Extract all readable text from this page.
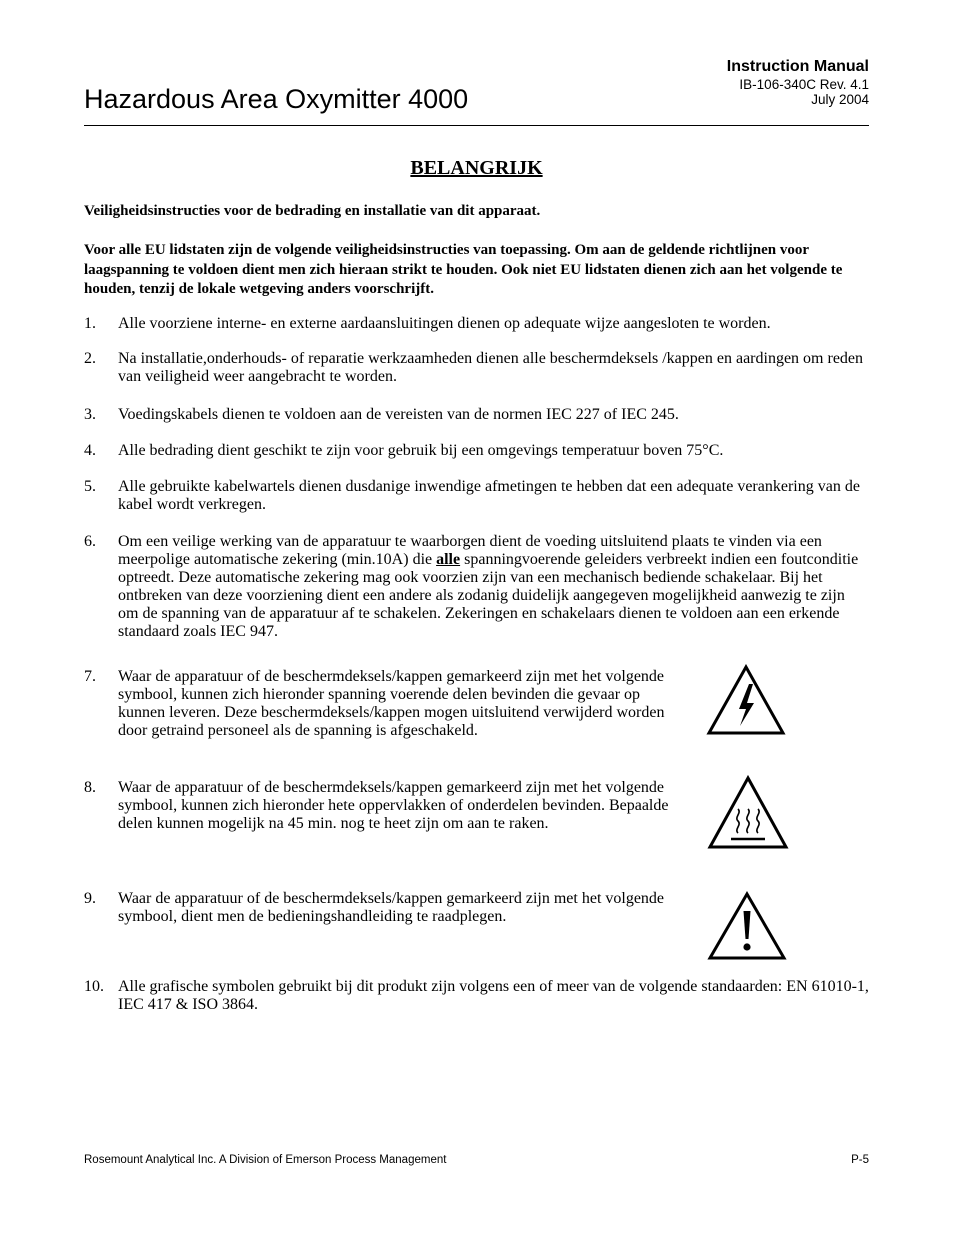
Hazardous Area Oxymitter 4000
Instruction Manual
IB-106-340C Rev. 4.1
July 2004
BELANGRIJK
Veiligheidsinstructies voor de bedrading en installatie van dit apparaat.
Voor alle EU lidstaten zijn de volgende veiligheidsinstructies van toepassing. Om aan de geldende richtlijnen voor laagspanning te voldoen dient men zich hieraan strikt te houden. Ook niet EU lidstaten dienen zich aan het volgende te houden, tenzij de lokale wetgeving anders voorschrijft.
1. Alle voorziene interne- en externe aardaansluitingen dienen op adequate wijze aangesloten te worden.
2. Na installatie,onderhouds- of reparatie werkzaamheden dienen alle beschermdeksels /kappen en aardingen om reden van veiligheid weer aangebracht te worden.
3. Voedingskabels dienen te voldoen aan de vereisten van de normen IEC 227 of IEC 245.
4. Alle bedrading dient geschikt te zijn voor gebruik bij een omgevings temperatuur boven 75°C.
5. Alle gebruikte kabelwartels dienen dusdanige inwendige afmetingen te hebben dat een adequate verankering van de kabel wordt verkregen.
6. Om een veilige werking van de apparatuur te waarborgen dient de voeding uitsluitend plaats te vinden via een meerpolige automatische zekering (min.10A) die alle spanningvoerende geleiders verbreekt indien een foutconditie optreedt. Deze automatische zekering mag ook voorzien zijn van een mechanisch bediende schakelaar. Bij het ontbreken van deze voorziening dient een andere als zodanig duidelijk aangegeven mogelijkheid aanwezig te zijn om de spanning van de apparatuur af te schakelen. Zekeringen en schakelaars dienen te voldoen aan een erkende standaard zoals IEC 947.
7. Waar de apparatuur of de beschermdeksels/kappen gemarkeerd zijn met het volgende symbool, kunnen zich hieronder spanning voerende delen bevinden die gevaar op kunnen leveren. Deze beschermdeksels/kappen mogen uitsluitend verwijderd worden door getraind personeel als de spanning is afgeschakeld.
8. Waar de apparatuur of de beschermdeksels/kappen gemarkeerd zijn met het volgende symbool, kunnen zich hieronder hete oppervlakken of onderdelen bevinden. Bepaalde delen kunnen mogelijk na 45 min. nog te heet zijn om aan te raken.
9. Waar de apparatuur of de beschermdeksels/kappen gemarkeerd zijn met het volgende symbool, dient men de bedieningshandleiding te raadplegen.
10. Alle grafische symbolen gebruikt bij dit produkt zijn volgens een of meer van de volgende standaarden: EN 61010-1, IEC 417 & ISO 3864.
Rosemount Analytical Inc. A Division of Emerson Process Management	P-5
